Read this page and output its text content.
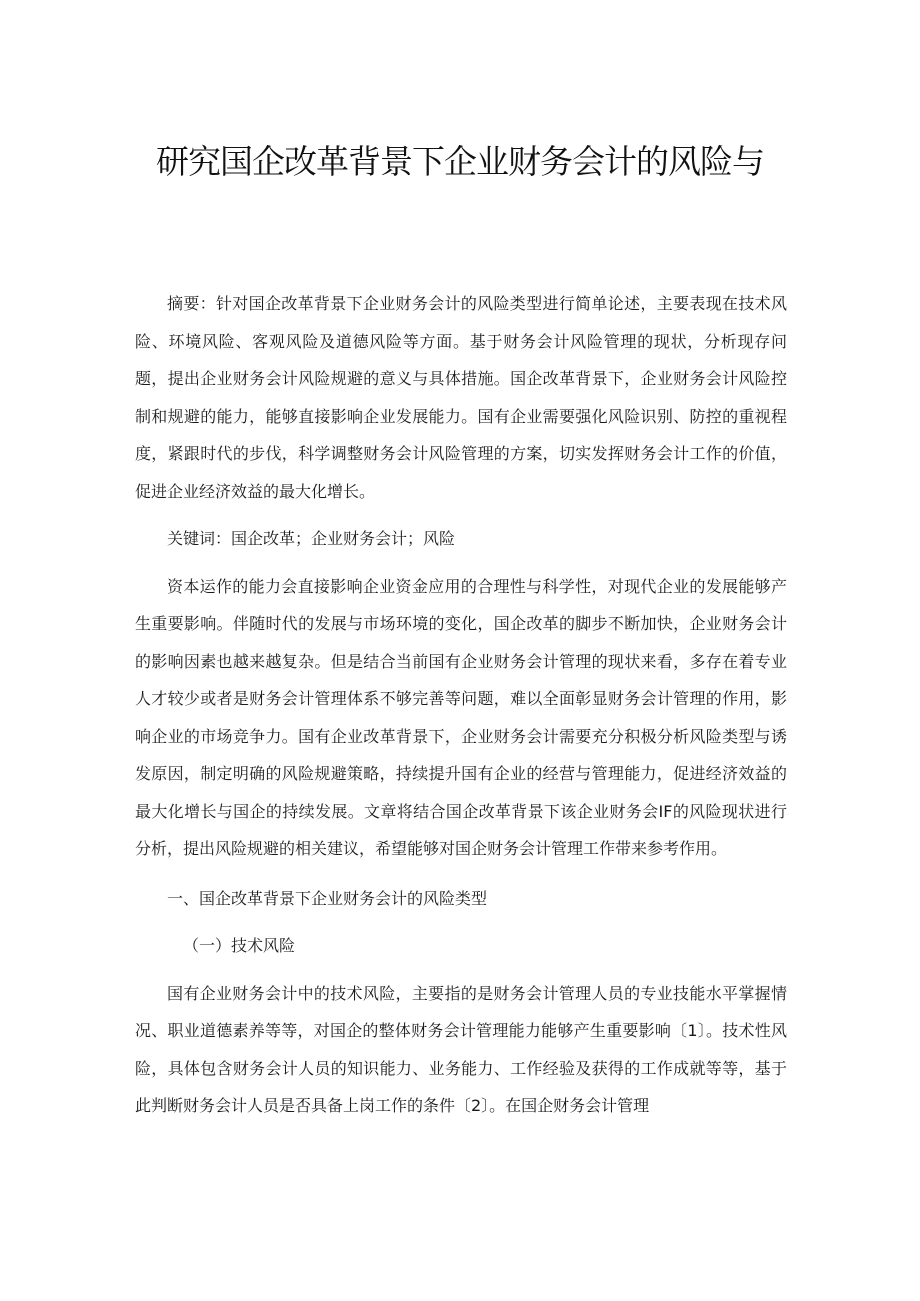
研究国企改革背景下企业财务会计的风险与

摘要：针对国企改革背景下企业财务会计的风险类型进行简单论述，主要表现在技术风险、环境风险、客观风险及道德风险等方面。基于财务会计风险管理的现状，分析现存问题，提出企业财务会计风险规避的意义与具体措施。国企改革背景下，企业财务会计风险控制和规避的能力，能够直接影响企业发展能力。国有企业需要强化风险识别、防控的重视程度，紧跟时代的步伐，科学调整财务会计风险管理的方案，切实发挥财务会计工作的价值，促进企业经济效益的最大化增长。

关键词：国企改革；企业财务会计；风险

资本运作的能力会直接影响企业资金应用的合理性与科学性，对现代企业的发展能够产生重要影响。伴随时代的发展与市场环境的变化，国企改革的脚步不断加快，企业财务会计的影响因素也越来越复杂。但是结合当前国有企业财务会计管理的现状来看，多存在着专业人才较少或者是财务会计管理体系不够完善等问题，难以全面彰显财务会计管理的作用，影响企业的市场竞争力。国有企业改革背景下，企业财务会计需要充分积极分析风险类型与诱发原因，制定明确的风险规避策略，持续提升国有企业的经营与管理能力，促进经济效益的最大化增长与国企的持续发展。文章将结合国企改革背景下该企业财务会IF的风险现状进行分析，提出风险规避的相关建议，希望能够对国企财务会计管理工作带来参考作用。

一、国企改革背景下企业财务会计的风险类型

（一）技术风险

国有企业财务会计中的技术风险，主要指的是财务会计管理人员的专业技能水平掌握情况、职业道德素养等等，对国企的整体财务会计管理能力能够产生重要影响〔1〕。技术性风险，具体包含财务会计人员的知识能力、业务能力、工作经验及获得的工作成就等等，基于此判断财务会计人员是否具备上岗工作的条件〔2〕。在国企财务会计管理
